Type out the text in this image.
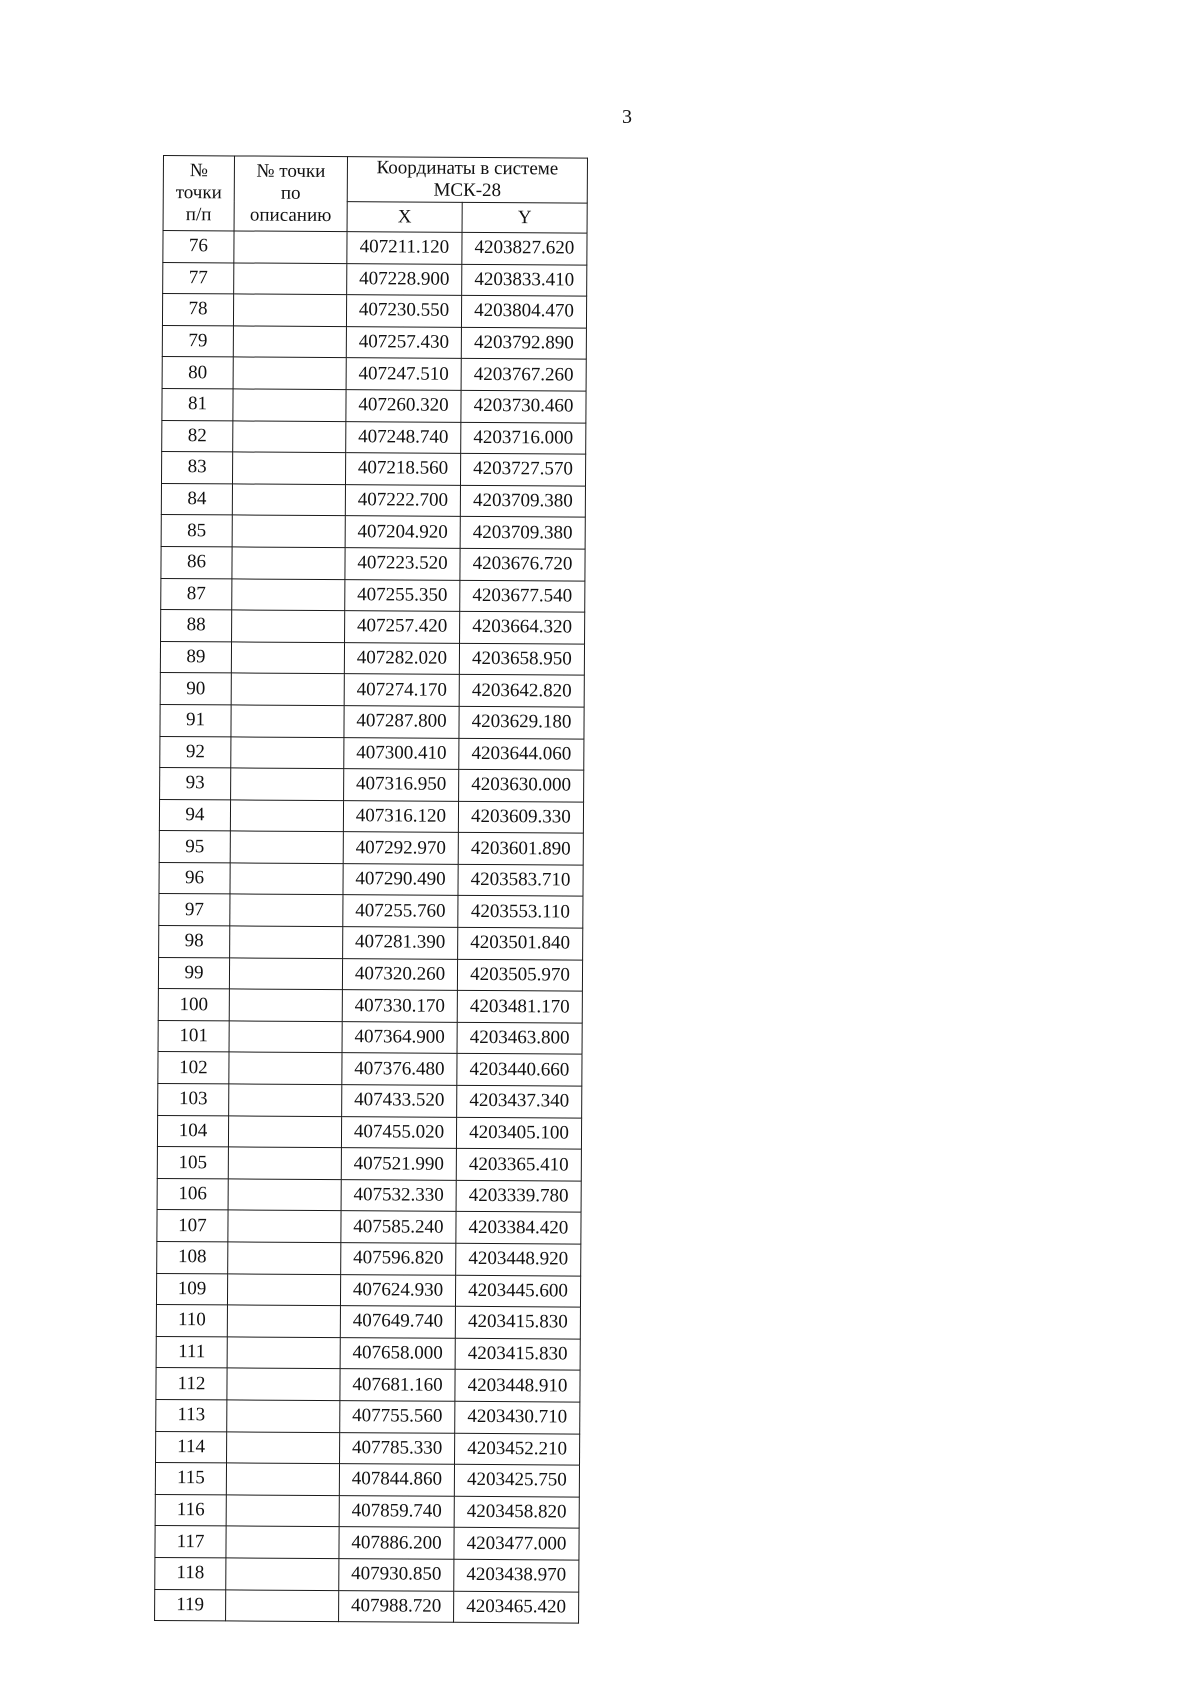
3
№
точки
п/п	№ точки
по
описанию	Координаты в системе
МСК-28	

		X	Y
76		407211.120	4203827.620
77		407228.900	4203833.410
78		407230.550	4203804.470
79		407257.430	4203792.890
80		407247.510	4203767.260
81		407260.320	4203730.460
82		407248.740	4203716.000
83		407218.560	4203727.570
84		407222.700	4203709.380
85		407204.920	4203709.380
86		407223.520	4203676.720
87		407255.350	4203677.540
88		407257.420	4203664.320
89		407282.020	4203658.950
90		407274.170	4203642.820
91		407287.800	4203629.180
92		407300.410	4203644.060
93		407316.950	4203630.000
94		407316.120	4203609.330
95		407292.970	4203601.890
96		407290.490	4203583.710
97		407255.760	4203553.110
98		407281.390	4203501.840
99		407320.260	4203505.970
100		407330.170	4203481.170
101		407364.900	4203463.800
102		407376.480	4203440.660
103		407433.520	4203437.340
104		407455.020	4203405.100
105		407521.990	4203365.410
106		407532.330	4203339.780
107		407585.240	4203384.420
108		407596.820	4203448.920
109		407624.930	4203445.600
110		407649.740	4203415.830
111		407658.000	4203415.830
112		407681.160	4203448.910
113		407755.560	4203430.710
114		407785.330	4203452.210
115		407844.860	4203425.750
116		407859.740	4203458.820
117		407886.200	4203477.000
118		407930.850	4203438.970
119		407988.720	4203465.420
